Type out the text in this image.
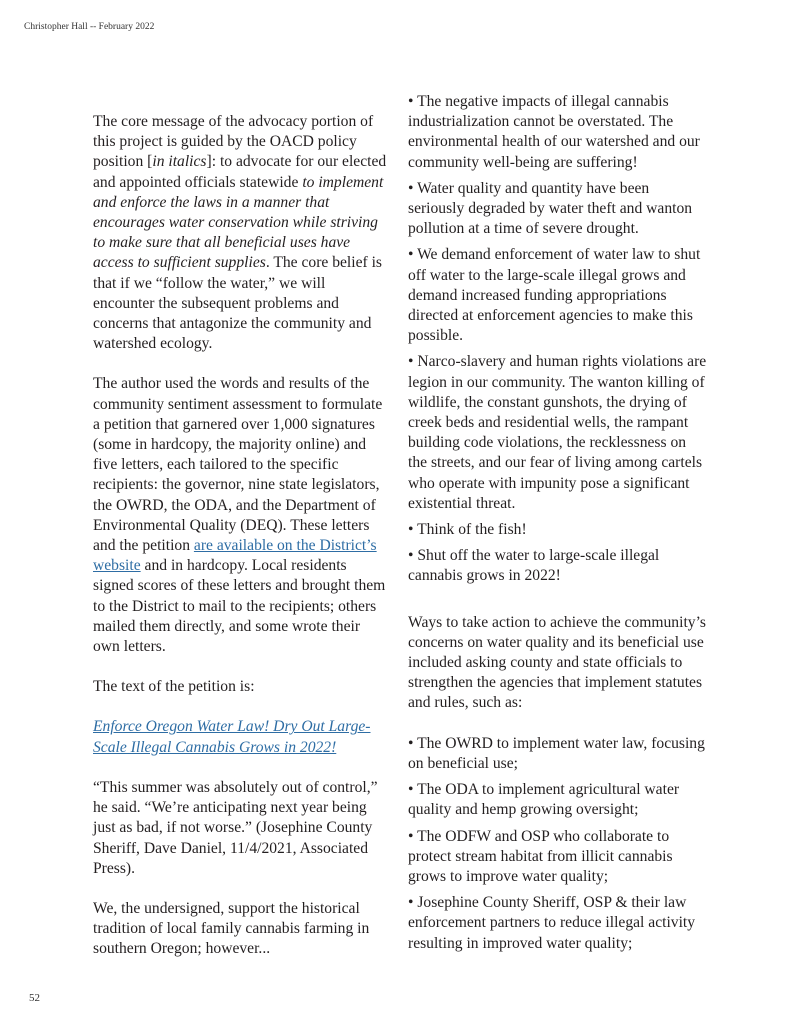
Christopher Hall -- February 2022

The core message of the advocacy portion of this project is guided by the OACD policy position [in italics]: to advocate for our elected and appointed officials statewide to implement and enforce the laws in a manner that encourages water conservation while striving to make sure that all beneficial uses have access to sufficient supplies. The core belief is that if we “follow the water,” we will encounter the subsequent problems and concerns that antagonize the community and watershed ecology.

The author used the words and results of the community sentiment assessment to formulate a petition that garnered over 1,000 signatures (some in hardcopy, the majority online) and five letters, each tailored to the specific recipients: the governor, nine state legislators, the OWRD, the ODA, and the Department of Environmental Quality (DEQ). These letters and the petition are available on the District’s website and in hardcopy. Local residents signed scores of these letters and brought them to the District to mail to the recipients; others mailed them directly, and some wrote their own letters.

The text of the petition is:

Enforce Oregon Water Law! Dry Out Large-Scale Illegal Cannabis Grows in 2022!

“This summer was absolutely out of control,” he said. “We’re anticipating next year being just as bad, if not worse.” (Josephine County Sheriff, Dave Daniel, 11/4/2021, Associated Press).

We, the undersigned, support the historical tradition of local family cannabis farming in southern Oregon; however...

• The negative impacts of illegal cannabis industrialization cannot be overstated. The environmental health of our watershed and our community well-being are suffering!

• Water quality and quantity have been seriously degraded by water theft and wanton pollution at a time of severe drought.

• We demand enforcement of water law to shut off water to the large-scale illegal grows and demand increased funding appropriations directed at enforcement agencies to make this possible.

• Narco-slavery and human rights violations are legion in our community. The wanton killing of wildlife, the constant gunshots, the drying of creek beds and residential wells, the rampant building code violations, the recklessness on the streets, and our fear of living among cartels who operate with impunity pose a significant existential threat.

• Think of the fish!

• Shut off the water to large-scale illegal cannabis grows in 2022!

Ways to take action to achieve the community’s concerns on water quality and its beneficial use included asking county and state officials to strengthen the agencies that implement statutes and rules, such as:

• The OWRD to implement water law, focusing on beneficial use;

• The ODA to implement agricultural water quality and hemp growing oversight;

• The ODFW and OSP who collaborate to protect stream habitat from illicit cannabis grows to improve water quality;

• Josephine County Sheriff, OSP & their law enforcement partners to reduce illegal activity resulting in improved water quality;

52
